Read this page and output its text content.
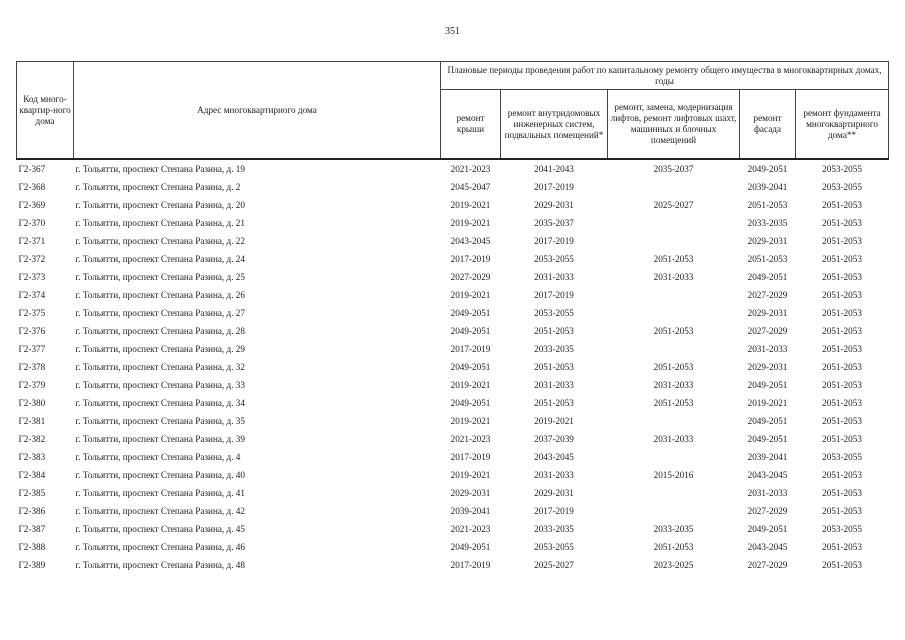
351
Код много-квартир-ного дома	Адрес многоквартирного дома	Плановые периоды проведения работ по капитальному ремонту общего имущества в многоквартирных домах, годы				
		ремонт крыши	ремонт внутридомовых инженерных систем, подвальных помещений*	ремонт, замена, модернизация лифтов, ремонт лифтовых шахт, машинных и блочных помещений	ремонт фасада	ремонт фундамента многоквартирного дома**
Г2-367	г. Тольятти, проспект Степана Разина, д. 19	2021-2023	2041-2043	2035-2037	2049-2051	2053-2055
Г2-368	г. Тольятти, проспект Степана Разина, д. 2	2045-2047	2017-2019		2039-2041	2053-2055
Г2-369	г. Тольятти, проспект Степана Разина, д. 20	2019-2021	2029-2031	2025-2027	2051-2053	2051-2053
Г2-370	г. Тольятти, проспект Степана Разина, д. 21	2019-2021	2035-2037		2033-2035	2051-2053
Г2-371	г. Тольятти, проспект Степана Разина, д. 22	2043-2045	2017-2019		2029-2031	2051-2053
Г2-372	г. Тольятти, проспект Степана Разина, д. 24	2017-2019	2053-2055	2051-2053	2051-2053	2051-2053
Г2-373	г. Тольятти, проспект Степана Разина, д. 25	2027-2029	2031-2033	2031-2033	2049-2051	2051-2053
Г2-374	г. Тольятти, проспект Степана Разина, д. 26	2019-2021	2017-2019		2027-2029	2051-2053
Г2-375	г. Тольятти, проспект Степана Разина, д. 27	2049-2051	2053-2055		2029-2031	2051-2053
Г2-376	г. Тольятти, проспект Степана Разина, д. 28	2049-2051	2051-2053	2051-2053	2027-2029	2051-2053
Г2-377	г. Тольятти, проспект Степана Разина, д. 29	2017-2019	2033-2035		2031-2033	2051-2053
Г2-378	г. Тольятти, проспект Степана Разина, д. 32	2049-2051	2051-2053	2051-2053	2029-2031	2051-2053
Г2-379	г. Тольятти, проспект Степана Разина, д. 33	2019-2021	2031-2033	2031-2033	2049-2051	2051-2053
Г2-380	г. Тольятти, проспект Степана Разина, д. 34	2049-2051	2051-2053	2051-2053	2019-2021	2051-2053
Г2-381	г. Тольятти, проспект Степана Разина, д. 35	2019-2021	2019-2021		2049-2051	2051-2053
Г2-382	г. Тольятти, проспект Степана Разина, д. 39	2021-2023	2037-2039	2031-2033	2049-2051	2051-2053
Г2-383	г. Тольятти, проспект Степана Разина, д. 4	2017-2019	2043-2045		2039-2041	2053-2055
Г2-384	г. Тольятти, проспект Степана Разина, д. 40	2019-2021	2031-2033	2015-2016	2043-2045	2051-2053
Г2-385	г. Тольятти, проспект Степана Разина, д. 41	2029-2031	2029-2031		2031-2033	2051-2053
Г2-386	г. Тольятти, проспект Степана Разина, д. 42	2039-2041	2017-2019		2027-2029	2051-2053
Г2-387	г. Тольятти, проспект Степана Разина, д. 45	2021-2023	2033-2035	2033-2035	2049-2051	2053-2055
Г2-388	г. Тольятти, проспект Степана Разина, д. 46	2049-2051	2053-2055	2051-2053	2043-2045	2051-2053
Г2-389	г. Тольятти, проспект Степана Разина, д. 48	2017-2019	2025-2027	2023-2025	2027-2029	2051-2053
